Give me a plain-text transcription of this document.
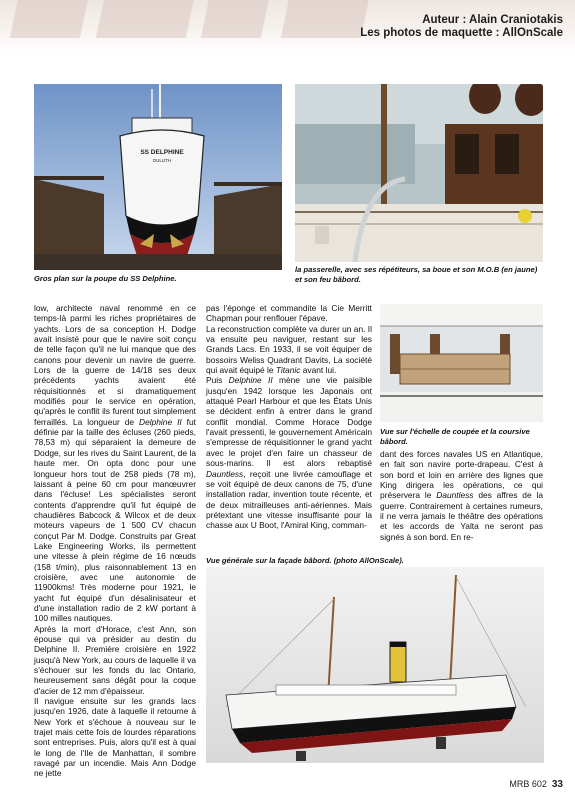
Auteur : Alain Craniotakis
Les photos de maquette : AllOnScale
SS DELPHINE
DULUTH
Gros plan sur la poupe du SS Delphine.
la passerelle, avec ses répétiteurs, sa boue et son M.O.B (en jaune) et son feu bâbord.
Vue sur l'échelle de coupée et la coursive bâbord.

low, architecte naval renommé en ce temps-là parmi les riches propriétaires de yachts. Lors de sa conception H. Dodge avait insisté pour que le navire soit conçu de telle façon qu'il ne lui manque que des canons pour devenir un navire de guerre. Lors de la guerre de 14/18 ses deux précédents yachts avaient été réquisitionnés et si dramatiquement modifiés pour le service en opération, qu'après le conflit ils furent tout simplement ferraillés. La longueur de Delphine II fut définie par la taille des écluses (260 pieds, 78,53 m) qui séparaient la demeure de Dodge, sur les rives du Saint Laurent, de la haute mer. On opta donc pour une longueur hors tout de 258 pieds (78 m), laissant à peine 60 cm pour manœuvrer dans l'écluse! Les spécialistes seront contents d'apprendre qu'il fut équipé de chaudières Babcock & Wilcox et de deux moteurs vapeurs de 1 500 CV chacun conçut Par M. Dodge. Construits par Great Lake Engineering Works, ils permettent une vitesse à plein régime de 16 nœuds (158 t/min), plus raisonnablement 13 en croisière, avec une autonomie de 11900kms! Très moderne pour 1921, le yacht fut équipé d'un désalinisateur et d'une installation radio de 2 kW portant à 100 milles nautiques.

Après la mort d'Horace, c'est Ann, son épouse qui va présider au destin du Delphine II. Première croisière en 1922 jusqu'à New York, au cours de laquelle il va s'échouer sur les fonds du lac Ontario, heureusement sans dégât pour la coque d'acier de 12 mm d'épaisseur.

Il navigue ensuite sur les grands lacs jusqu'en 1926, date à laquelle il retourne à New York et s'échoue à nouveau sur le trajet mais cette fois de lourdes réparations sont entreprises. Puis, alors qu'il est à quai le long de l'Ile de Manhattan, il sombre ravagé par un incendie. Mais Ann Dodge ne jette

pas l'éponge et commandite la Cie Merritt Chapman pour renflouer l'épave.

La reconstruction complète va durer un an. Il va ensuite peu naviguer, restant sur les Grands Lacs. En 1933, il se voit équiper de bossoirs Weliss Quadrant Davits, La société qui avait équipé le Titanic avant lui.

Puis Delphine II mène une vie paisible jusqu'en 1942 lorsque les Japonais ont attaqué Pearl Harbour et que les États Unis se décident enfin à entrer dans le grand conflit mondial. Comme Horace Dodge l'avait pressenti, le gouvernement Américain s'empresse de réquisitionner le grand yacht avec le projet d'en faire un chasseur de sous-marins. Il est alors rebaptisé Dauntless, reçoit une livrée camouflage et se voit équipé de deux canons de 75, d'une installation radar, invention toute récente, et de deux mitrailleuses anti-aériennes. Mais prétextant une vitesse insuffisante pour la chasse aux U Boot, l'Amiral King, comman-

dant des forces navales US en Atlantique, en fait son navire porte-drapeau. C'est à son bord et loin en arrière des lignes que King dirigera les opérations, ce qui préservera le Dauntless des affres de la guerre. Contrairement à certaines rumeurs, il ne verra jamais le théâtre des opérations et les accords de Yalta ne seront pas signés à son bord. En re-

Vue générale sur la façade bâbord. (photo AllOnScale).
MRB 602 33
